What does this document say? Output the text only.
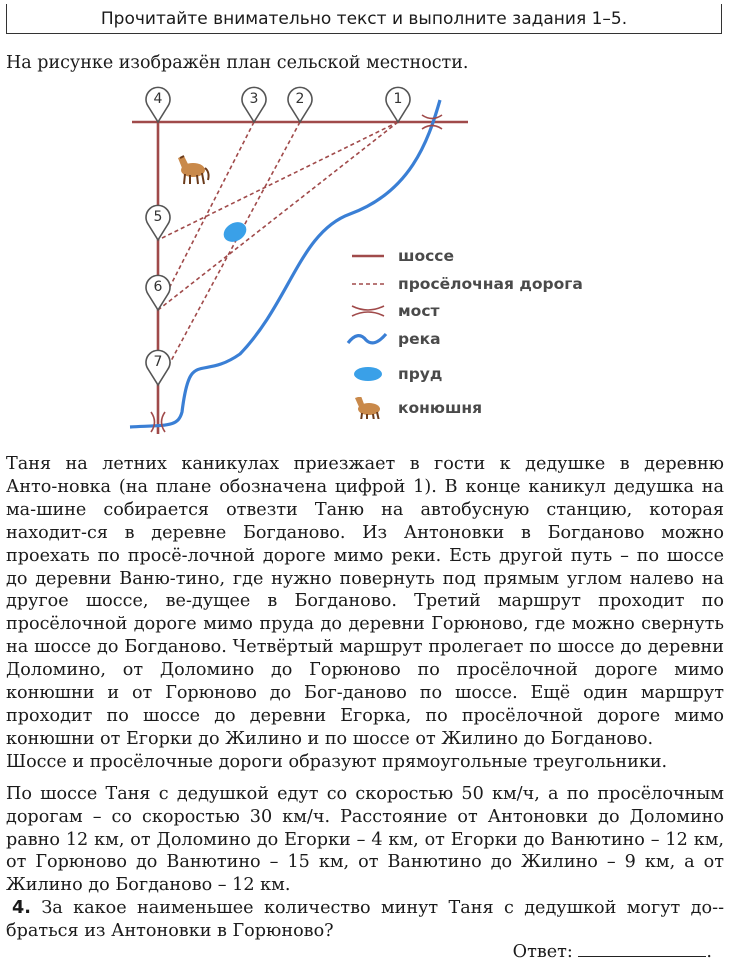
Прочитайте внимательно текст и выполните задания 1–5.
На рисунке изображён план сельской местности.
4	3	2	1
5
6
7
шоссе
просёлочная дорога
мост
река
пруд
конюшня

Таня на летних каникулах приезжает в гости к дедушке в деревню Анто-новка (на плане обозначена цифрой 1). В конце каникул дедушка на ма-шине собирается отвезти Таню на автобусную станцию, которая находит-ся в деревне Богданово. Из Антоновки в Богданово можно проехать по просё-лочной дороге мимо реки. Есть другой путь – по шоссе до деревни Ваню-тино, где нужно повернуть под прямым углом налево на другое шоссе, ве-дущее в Богданово. Третий маршрут проходит по просёлочной дороге мимо пруда до деревни Горюново, где можно свернуть на шоссе до Богданово. Четвёртый маршрут пролегает по шоссе до деревни Доломино, от Доломино до Горюново по просёлочной дороге мимо конюшни и от Горюново до Бог-даново по шоссе. Ещё один маршрут проходит по шоссе до деревни Егорка, по просёлочной дороге мимо конюшни от Егорки до Жилино и по шоссе от Жилино до Богданово.

Шоссе и просёлочные дороги образуют прямоугольные треугольники.

По шоссе Таня с дедушкой едут со скоростью 50 км/ч, а по просёлочным дорогам – со скоростью 30 км/ч. Расстояние от Антоновки до Доломино равно 12 км, от Доломино до Егорки – 4 км, от Егорки до Ванютино – 12 км, от Горюново до Ванютино – 15 км, от Ванютино до Жилино – 9 км, а от Жилино до Богданово – 12 км.

4. За какое наименьшее количество минут Таня с дедушкой могут до-браться из Антоновки в Горюново?
Ответ:	.
